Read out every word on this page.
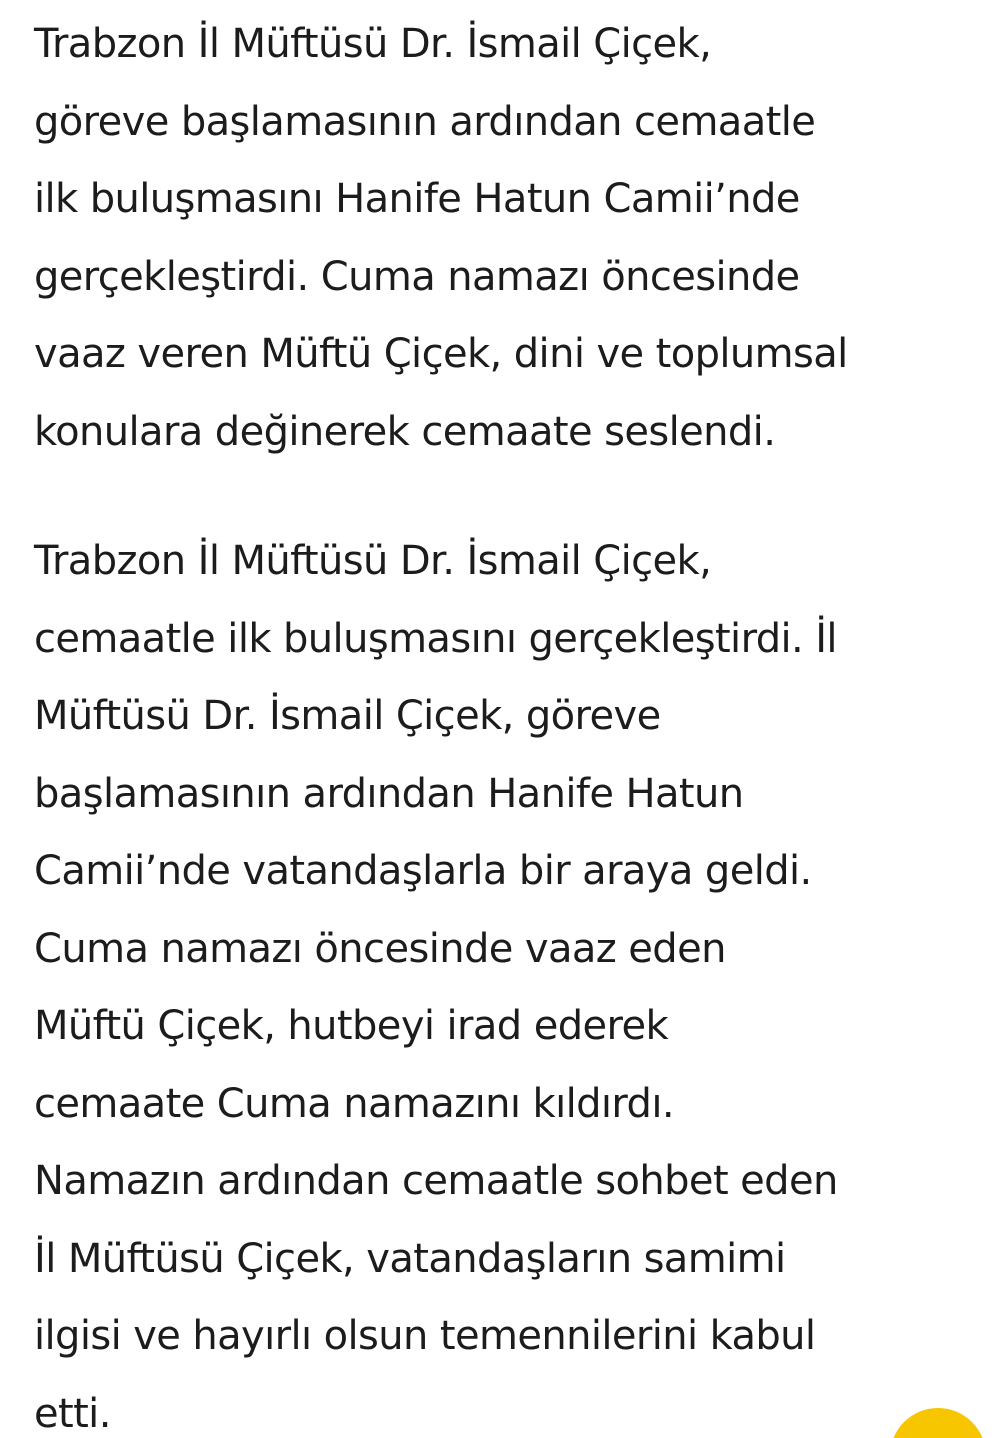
Trabzon İl Müftüsü Dr. İsmail Çiçek,
göreve başlamasının ardından cemaatle
ilk buluşmasını Hanife Hatun Camii’nde
gerçekleştirdi. Cuma namazı öncesinde
vaaz veren Müftü Çiçek, dini ve toplumsal
konulara değinerek cemaate seslendi.

Trabzon İl Müftüsü Dr. İsmail Çiçek,
cemaatle ilk buluşmasını gerçekleştirdi. İl
Müftüsü Dr. İsmail Çiçek, göreve
başlamasının ardından Hanife Hatun
Camii’nde vatandaşlarla bir araya geldi.
Cuma namazı öncesinde vaaz eden
Müftü Çiçek, hutbeyi irad ederek
cemaate Cuma namazını kıldırdı.
Namazın ardından cemaatle sohbet eden
İl Müftüsü Çiçek, vatandaşların samimi
ilgisi ve hayırlı olsun temennilerini kabul
etti.
